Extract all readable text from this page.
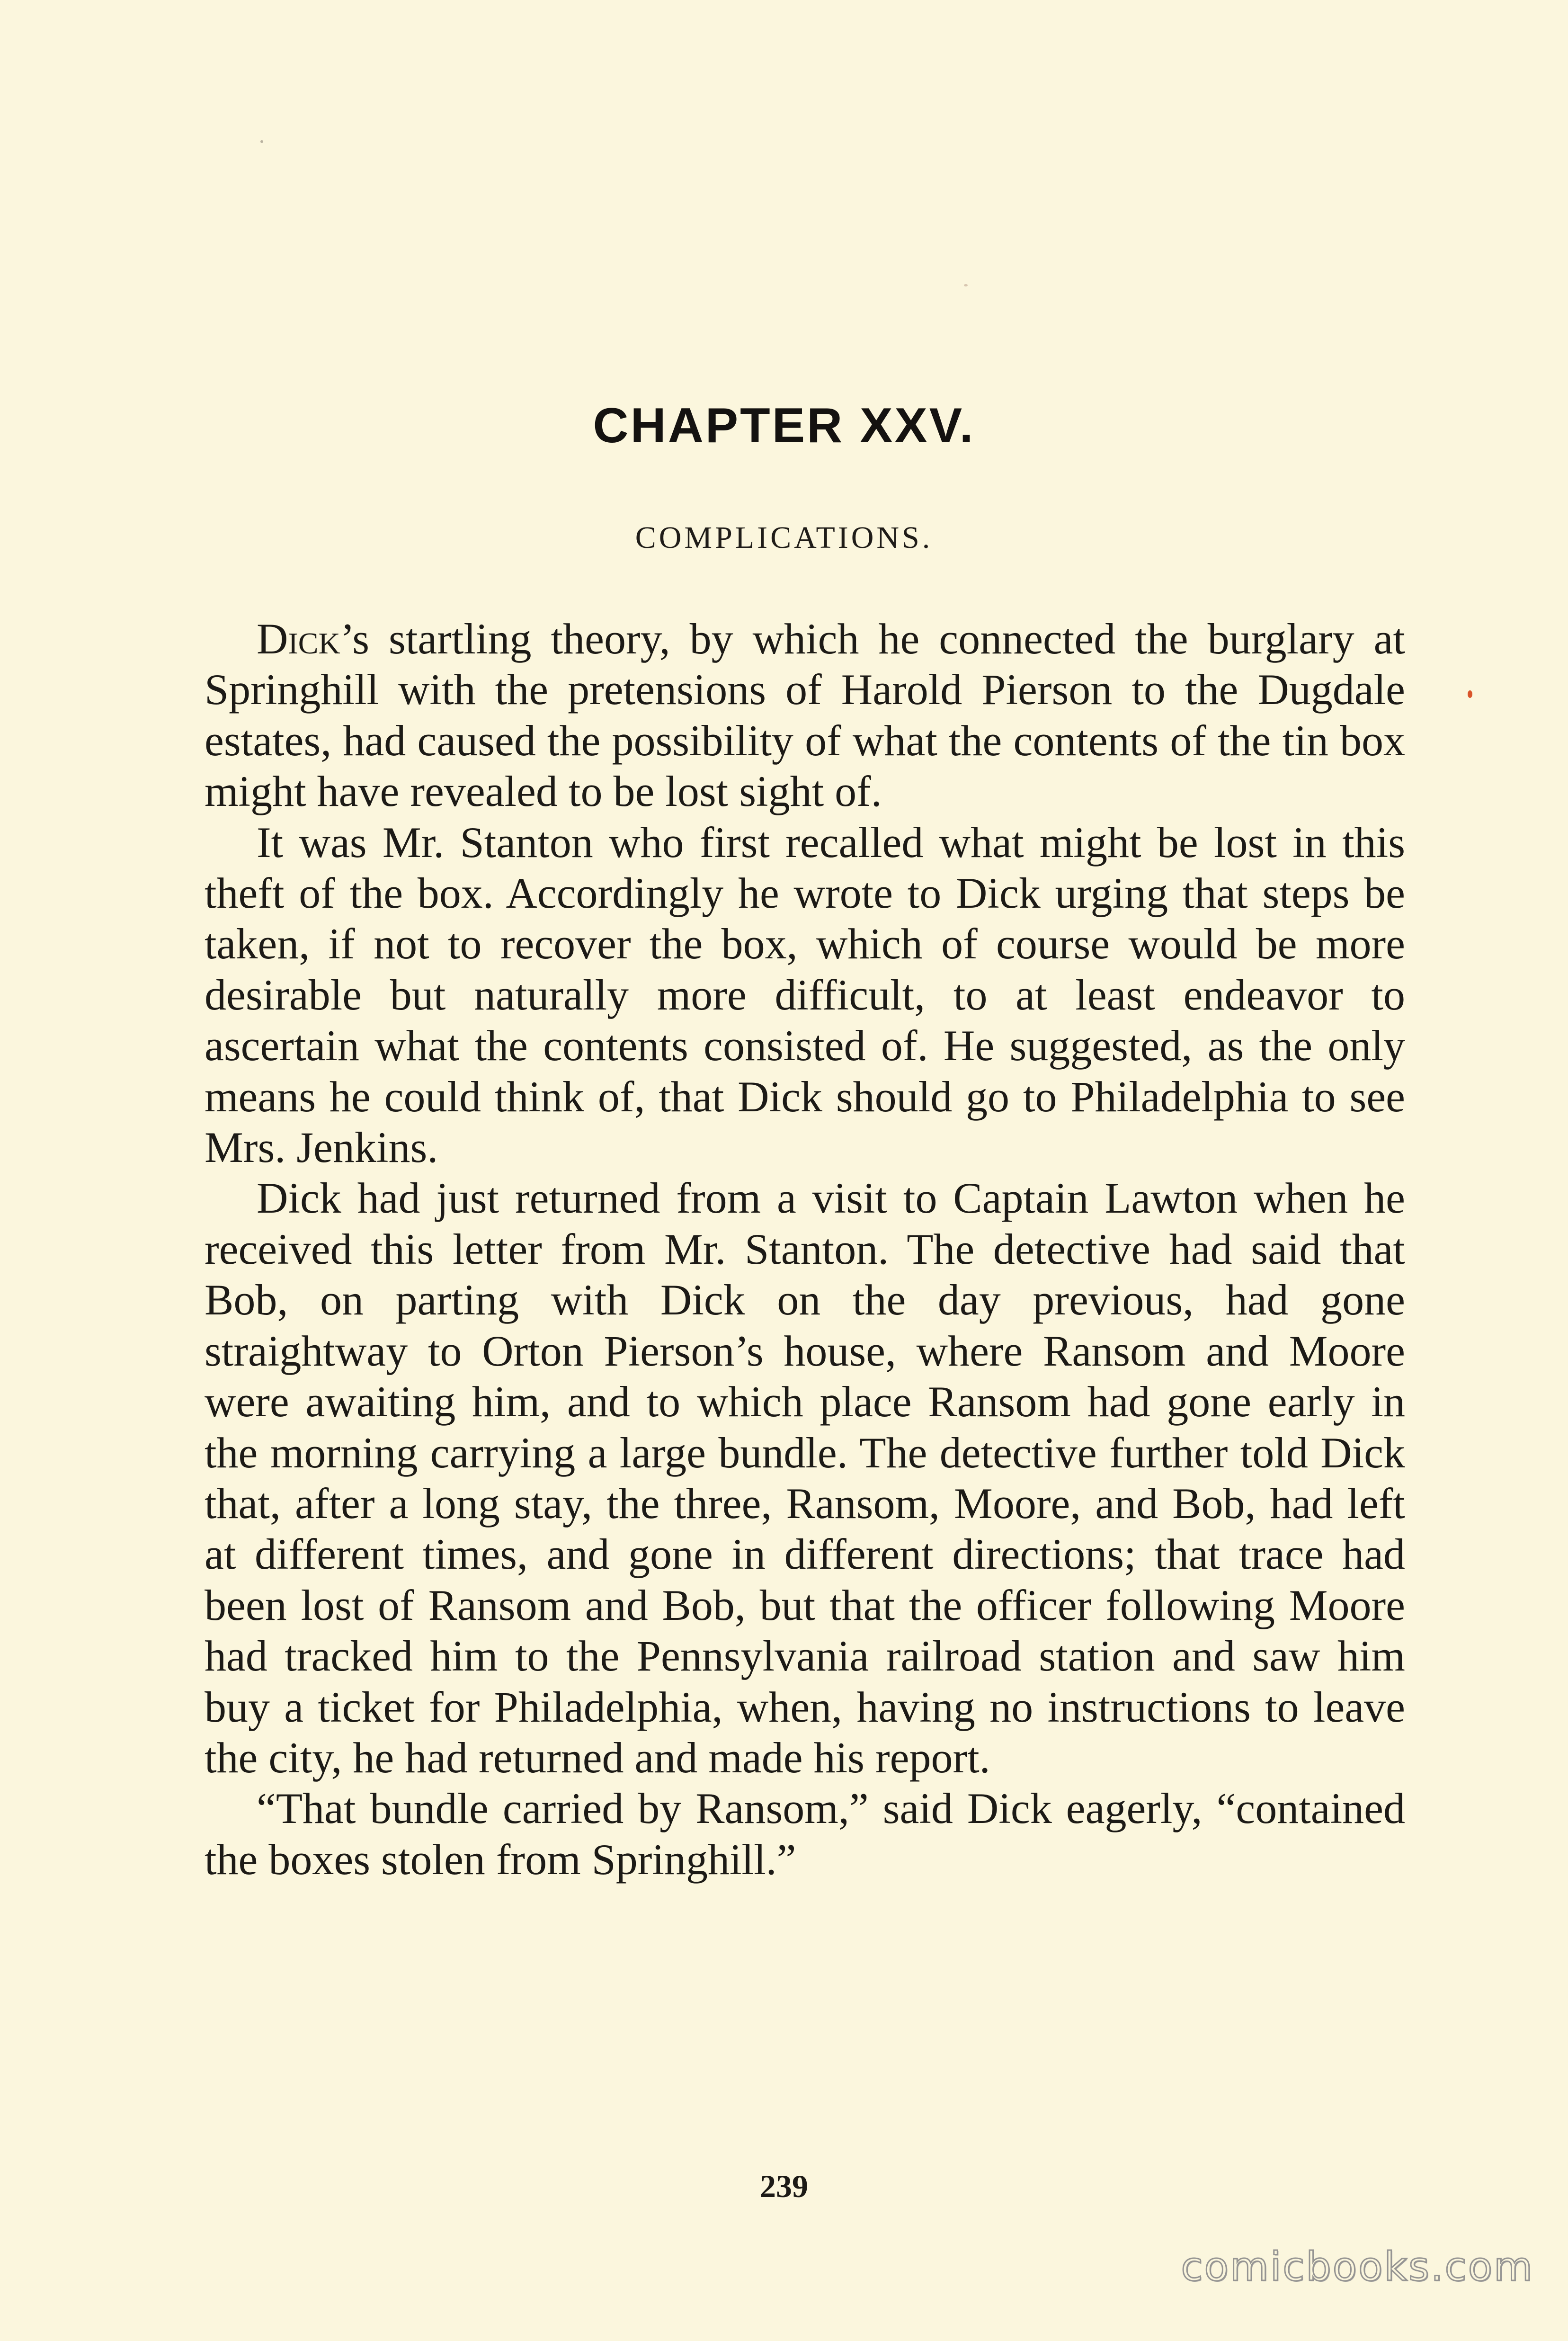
CHAPTER XXV.
COMPLICATIONS.

Dick’s startling theory, by which he connected the burglary at Springhill with the pretensions of Harold Pierson to the Dugdale estates, had caused the possibility of what the contents of the tin box might have revealed to be lost sight of.

It was Mr. Stanton who first recalled what might be lost in this theft of the box. Accordingly he wrote to Dick urging that steps be taken, if not to recover the box, which of course would be more desirable but naturally more difficult, to at least endeavor to ascertain what the contents consisted of. He suggested, as the only means he could think of, that Dick should go to Philadelphia to see Mrs. Jenkins.

Dick had just returned from a visit to Captain Lawton when he received this letter from Mr. Stanton. The detective had said that Bob, on parting with Dick on the day previous, had gone straightway to Orton Pierson’s house, where Ransom and Moore were awaiting him, and to which place Ransom had gone early in the morning carrying a large bundle. The detective further told Dick that, after a long stay, the three, Ransom, Moore, and Bob, had left at different times, and gone in different directions; that trace had been lost of Ransom and Bob, but that the officer following Moore had tracked him to the Pennsylvania railroad station and saw him buy a ticket for Philadelphia, when, having no instructions to leave the city, he had returned and made his report.

“That bundle carried by Ransom,” said Dick eagerly, “contained the boxes stolen from Springhill.”

239
comicbooks.com
